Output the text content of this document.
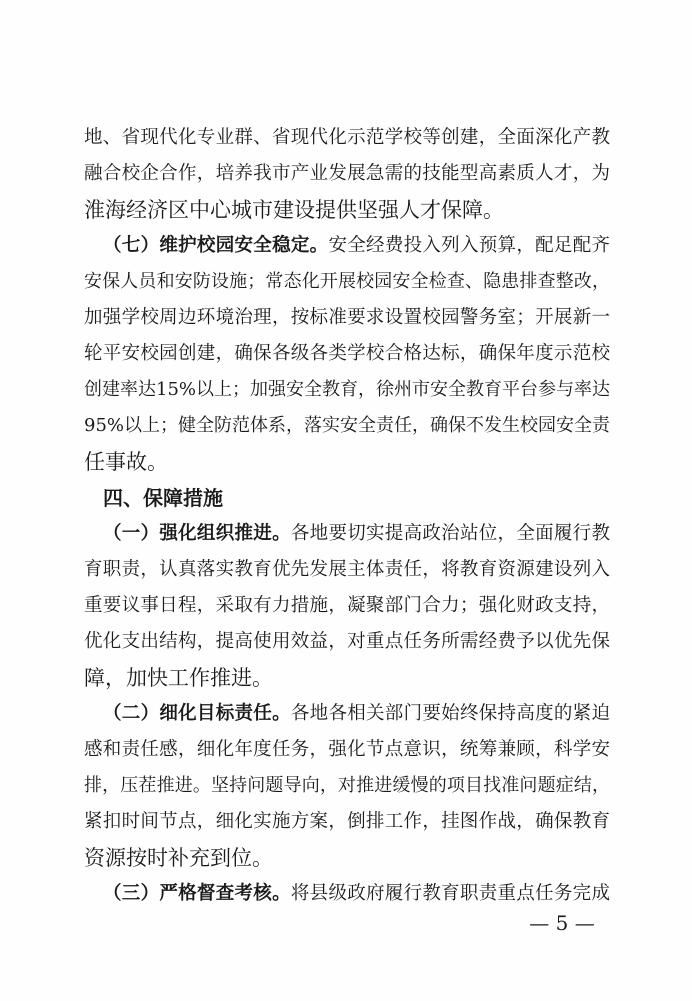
地、省现代化专业群、省现代化示范学校等创建，全面深化产教
融合校企合作，培养我市产业发展急需的技能型高素质人才，为
淮海经济区中心城市建设提供坚强人才保障。
（七）维护校园安全稳定。安全经费投入列入预算，配足配齐
安保人员和安防设施；常态化开展校园安全检查、隐患排查整改，
加强学校周边环境治理，按标准要求设置校园警务室；开展新一
轮平安校园创建，确保各级各类学校合格达标，确保年度示范校
创建率达15%以上；加强安全教育，徐州市安全教育平台参与率达
95%以上；健全防范体系，落实安全责任，确保不发生校园安全责
任事故。
四、保障措施
（一）强化组织推进。各地要切实提高政治站位，全面履行教
育职责，认真落实教育优先发展主体责任，将教育资源建设列入
重要议事日程，采取有力措施，凝聚部门合力；强化财政支持，
优化支出结构，提高使用效益，对重点任务所需经费予以优先保
障，加快工作推进。
（二）细化目标责任。各地各相关部门要始终保持高度的紧迫
感和责任感，细化年度任务，强化节点意识，统筹兼顾，科学安
排，压茬推进。坚持问题导向，对推进缓慢的项目找准问题症结，
紧扣时间节点，细化实施方案，倒排工作，挂图作战，确保教育
资源按时补充到位。
（三）严格督查考核。将县级政府履行教育职责重点任务完成
— 5 —
